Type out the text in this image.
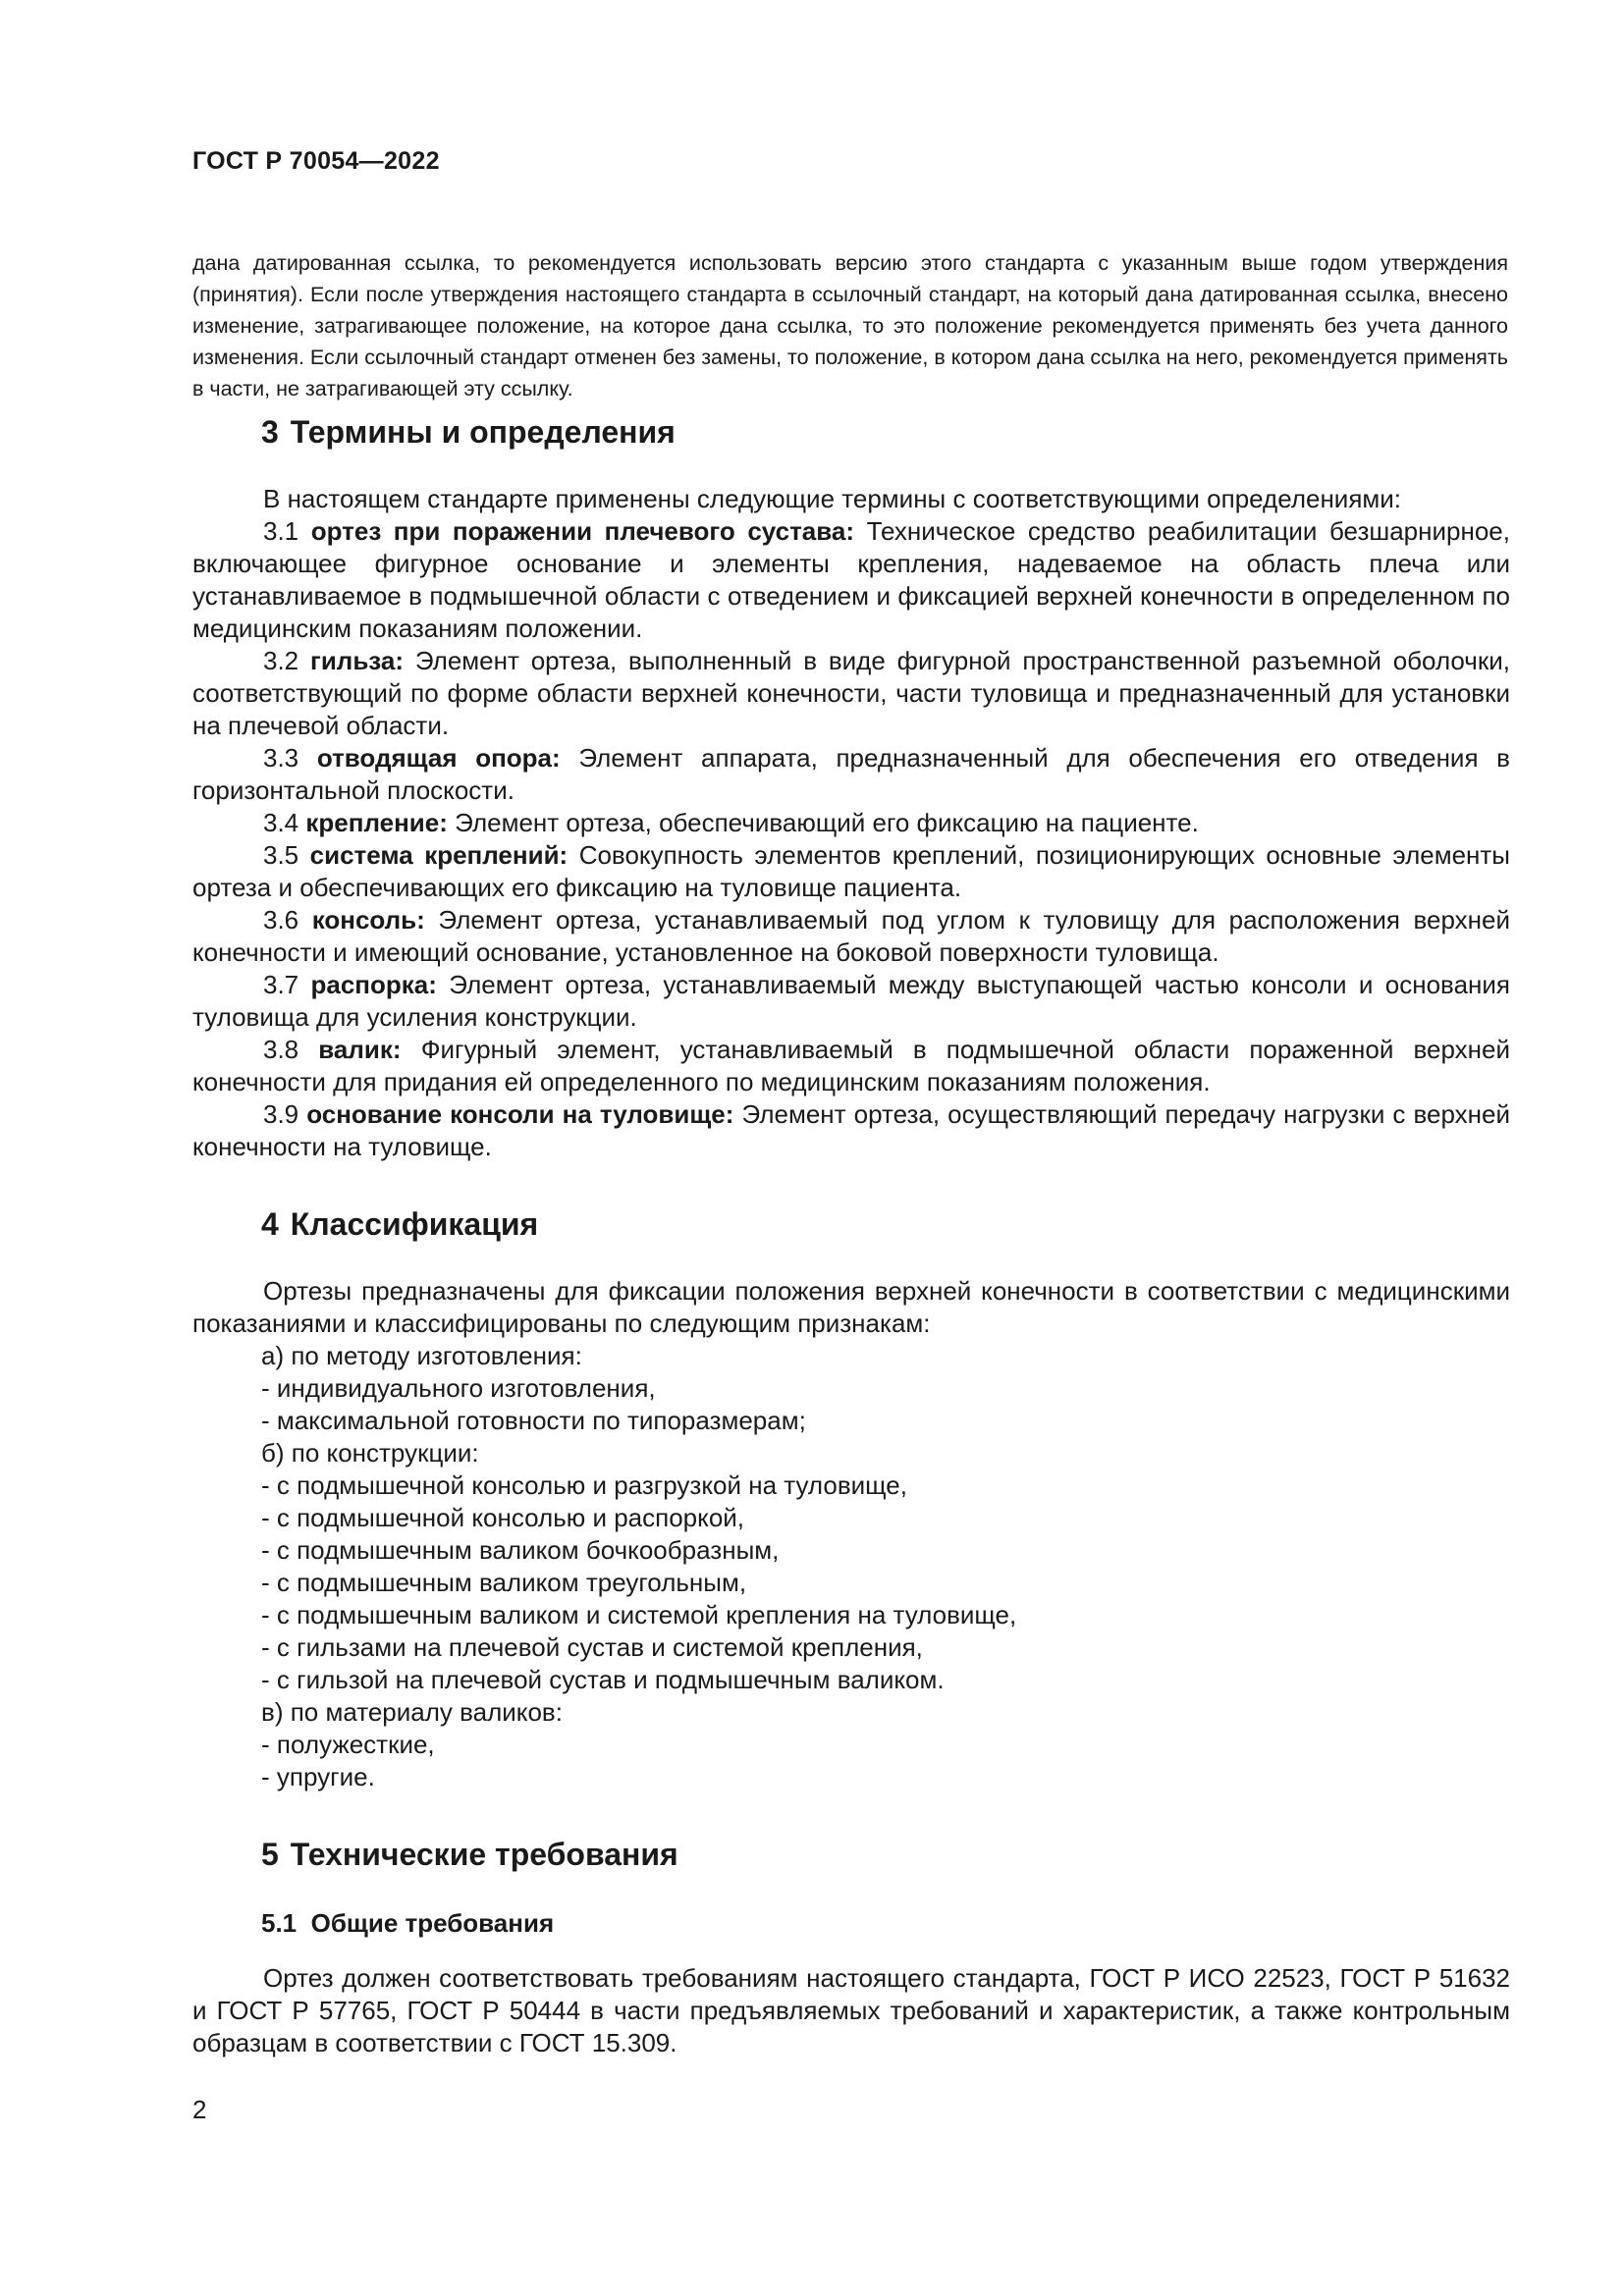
ГОСТ Р 70054—2022

дана датированная ссылка, то рекомендуется использовать версию этого стандарта с указанным выше годом утверждения (принятия). Если после утверждения настоящего стандарта в ссылочный стандарт, на который дана датированная ссылка, внесено изменение, затрагивающее положение, на которое дана ссылка, то это положение рекомендуется применять без учета данного изменения. Если ссылочный стандарт отменен без замены, то положение, в котором дана ссылка на него, рекомендуется применять в части, не затрагивающей эту ссылку.

3 Термины и определения

В настоящем стандарте применены следующие термины с соответствующими определениями:

3.1 ортез при поражении плечевого сустава: Техническое средство реабилитации безшарнирное, включающее фигурное основание и элементы крепления, надеваемое на область плеча или устанавливаемое в подмышечной области с отведением и фиксацией верхней конечности в определенном по медицинским показаниям положении.

3.2 гильза: Элемент ортеза, выполненный в виде фигурной пространственной разъемной оболочки, соответствующий по форме области верхней конечности, части туловища и предназначенный для установки на плечевой области.

3.3 отводящая опора: Элемент аппарата, предназначенный для обеспечения его отведения в горизонтальной плоскости.

3.4 крепление: Элемент ортеза, обеспечивающий его фиксацию на пациенте.

3.5 система креплений: Совокупность элементов креплений, позиционирующих основные элементы ортеза и обеспечивающих его фиксацию на туловище пациента.

3.6 консоль: Элемент ортеза, устанавливаемый под углом к туловищу для расположения верхней конечности и имеющий основание, установленное на боковой поверхности туловища.

3.7 распорка: Элемент ортеза, устанавливаемый между выступающей частью консоли и основания туловища для усиления конструкции.

3.8 валик: Фигурный элемент, устанавливаемый в подмышечной области пораженной верхней конечности для придания ей определенного по медицинским показаниям положения.

3.9 основание консоли на туловище: Элемент ортеза, осуществляющий передачу нагрузки с верхней конечности на туловище.

4 Классификация

Ортезы предназначены для фиксации положения верхней конечности в соответствии с медицинскими показаниями и классифицированы по следующим признакам:

а) по методу изготовления:
- индивидуального изготовления,
- максимальной готовности по типоразмерам;
б) по конструкции:
- с подмышечной консолью и разгрузкой на туловище,
- с подмышечной консолью и распоркой,
- с подмышечным валиком бочкообразным,
- с подмышечным валиком треугольным,
- с подмышечным валиком и системой крепления на туловище,
- с гильзами на плечевой сустав и системой крепления,
- с гильзой на плечевой сустав и подмышечным валиком.
в) по материалу валиков:
- полужесткие,
- упругие.
5 Технические требования
5.1 Общие требования

Ортез должен соответствовать требованиям настоящего стандарта, ГОСТ Р ИСО 22523, ГОСТ Р 51632 и ГОСТ Р 57765, ГОСТ Р 50444 в части предъявляемых требований и характеристик, а также контрольным образцам в соответствии с ГОСТ 15.309.

2
